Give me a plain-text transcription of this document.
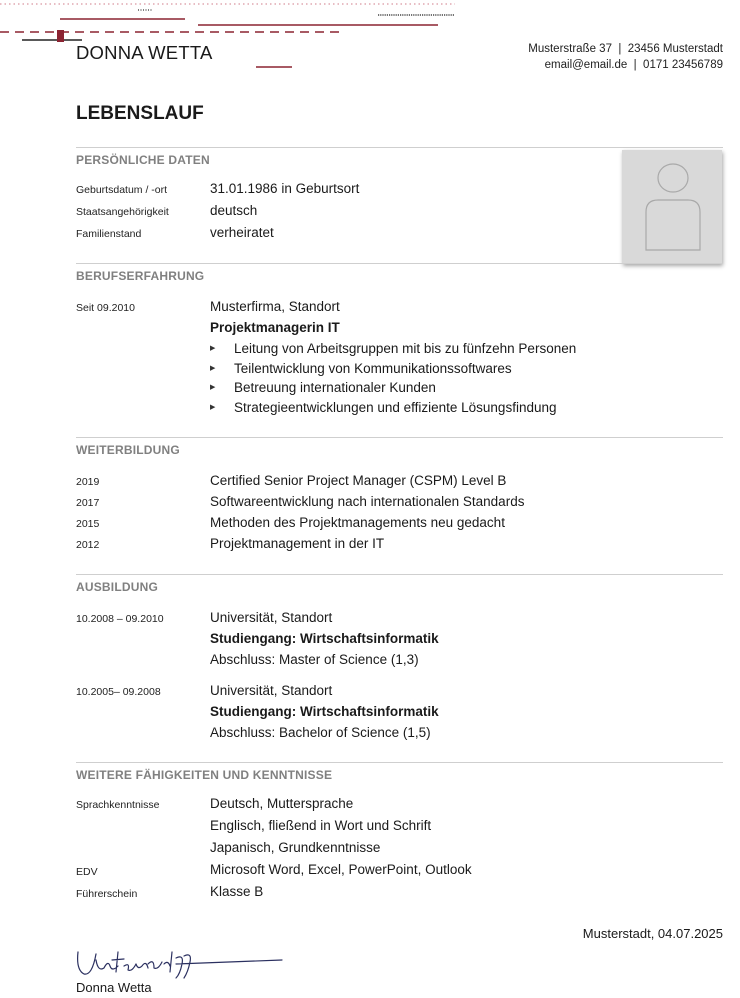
DONNA WETTA	Musterstraße 37  |  23456 Musterstadt
email@email.de  |  0171 23456789
LEBENSLAUF
PERSÖNLICHE DATEN
Geburtsdatum / -ort	31.01.1986 in Geburtsort
Staatsangehörigkeit	deutsch
Familienstand	verheiratet
BERUFSERFAHRUNG
Seit 09.2010	Musterfirma, Standort
Projektmanagerin IT
▶ Leitung von Arbeitsgruppen mit bis zu fünfzehn Personen
▶ Teilentwicklung von Kommunikationssoftwares
▶ Betreuung internationaler Kunden
▶ Strategieentwicklungen und effiziente Lösungsfindung
WEITERBILDUNG
2019	Certified Senior Project Manager (CSPM) Level B
2017	Softwareentwicklung nach internationalen Standards
2015	Methoden des Projektmanagements neu gedacht
2012	Projektmanagement in der IT
AUSBILDUNG
10.2008 – 09.2010	Universität, Standort
Studiengang: Wirtschaftsinformatik
Abschluss: Master of Science (1,3)
10.2005– 09.2008	Universität, Standort
Studiengang: Wirtschaftsinformatik
Abschluss: Bachelor of Science (1,5)
WEITERE FÄHIGKEITEN UND KENNTNISSE
Sprachkenntnisse	Deutsch, Muttersprache
Englisch, fließend in Wort und Schrift
Japanisch, Grundkenntnisse
EDV	Microsoft Word, Excel, PowerPoint, Outlook
Führerschein	Klasse B
Musterstadt, 04.07.2025
Donna Wetta
